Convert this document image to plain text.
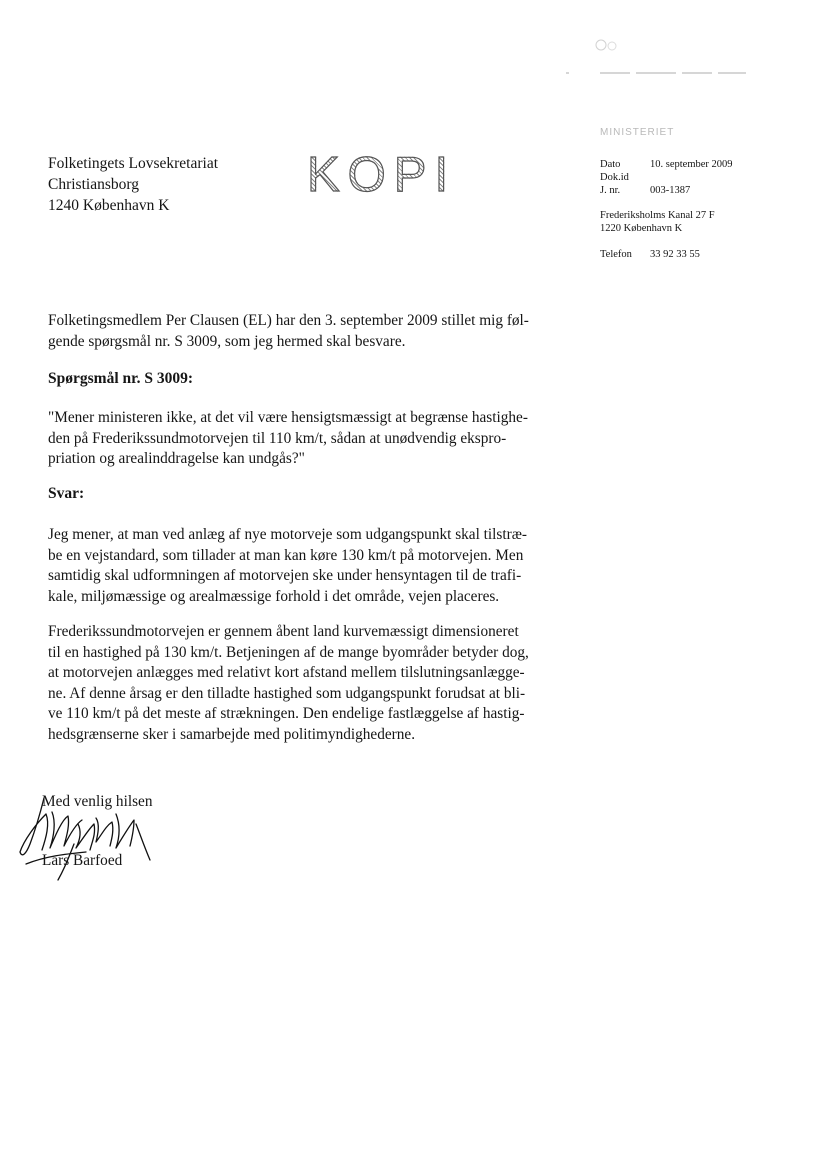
MINISTERIET
Folketingets Lovsekretariat
Christiansborg
1240 København K
KOPI	Dato	10. september 2009
Dok.id
J. nr.	003-1387
Frederiksholms Kanal 27 F
1220 København K
Telefon	33 92 33 55
Folketingsmedlem Per Clausen (EL) har den 3. september 2009 stillet mig føl-
gende spørgsmål nr. S 3009, som jeg hermed skal besvare.
Spørgsmål nr. S 3009:
"Mener ministeren ikke, at det vil være hensigtsmæssigt at begrænse hastighe-
den på Frederikssundmotorvejen til 110 km/t, sådan at unødvendig ekspro-
priation og arealinddragelse kan undgås?"
Svar:
Jeg mener, at man ved anlæg af nye motorveje som udgangspunkt skal tilstræ-
be en vejstandard, som tillader at man kan køre 130 km/t på motorvejen. Men
samtidig skal udformningen af motorvejen ske under hensyntagen til de trafi-
kale, miljømæssige og arealmæssige forhold i det område, vejen placeres.
Frederikssundmotorvejen er gennem åbent land kurvemæssigt dimensioneret
til en hastighed på 130 km/t. Betjeningen af de mange byområder betyder dog,
at motorvejen anlægges med relativt kort afstand mellem tilslutningsanlægge-
ne. Af denne årsag er den tilladte hastighed som udgangspunkt forudsat at bli-
ve 110 km/t på det meste af strækningen. Den endelige fastlæggelse af hastig-
hedsgrænserne sker i samarbejde med politimyndighederne.
Med venlig hilsen
Lars Barfoed
